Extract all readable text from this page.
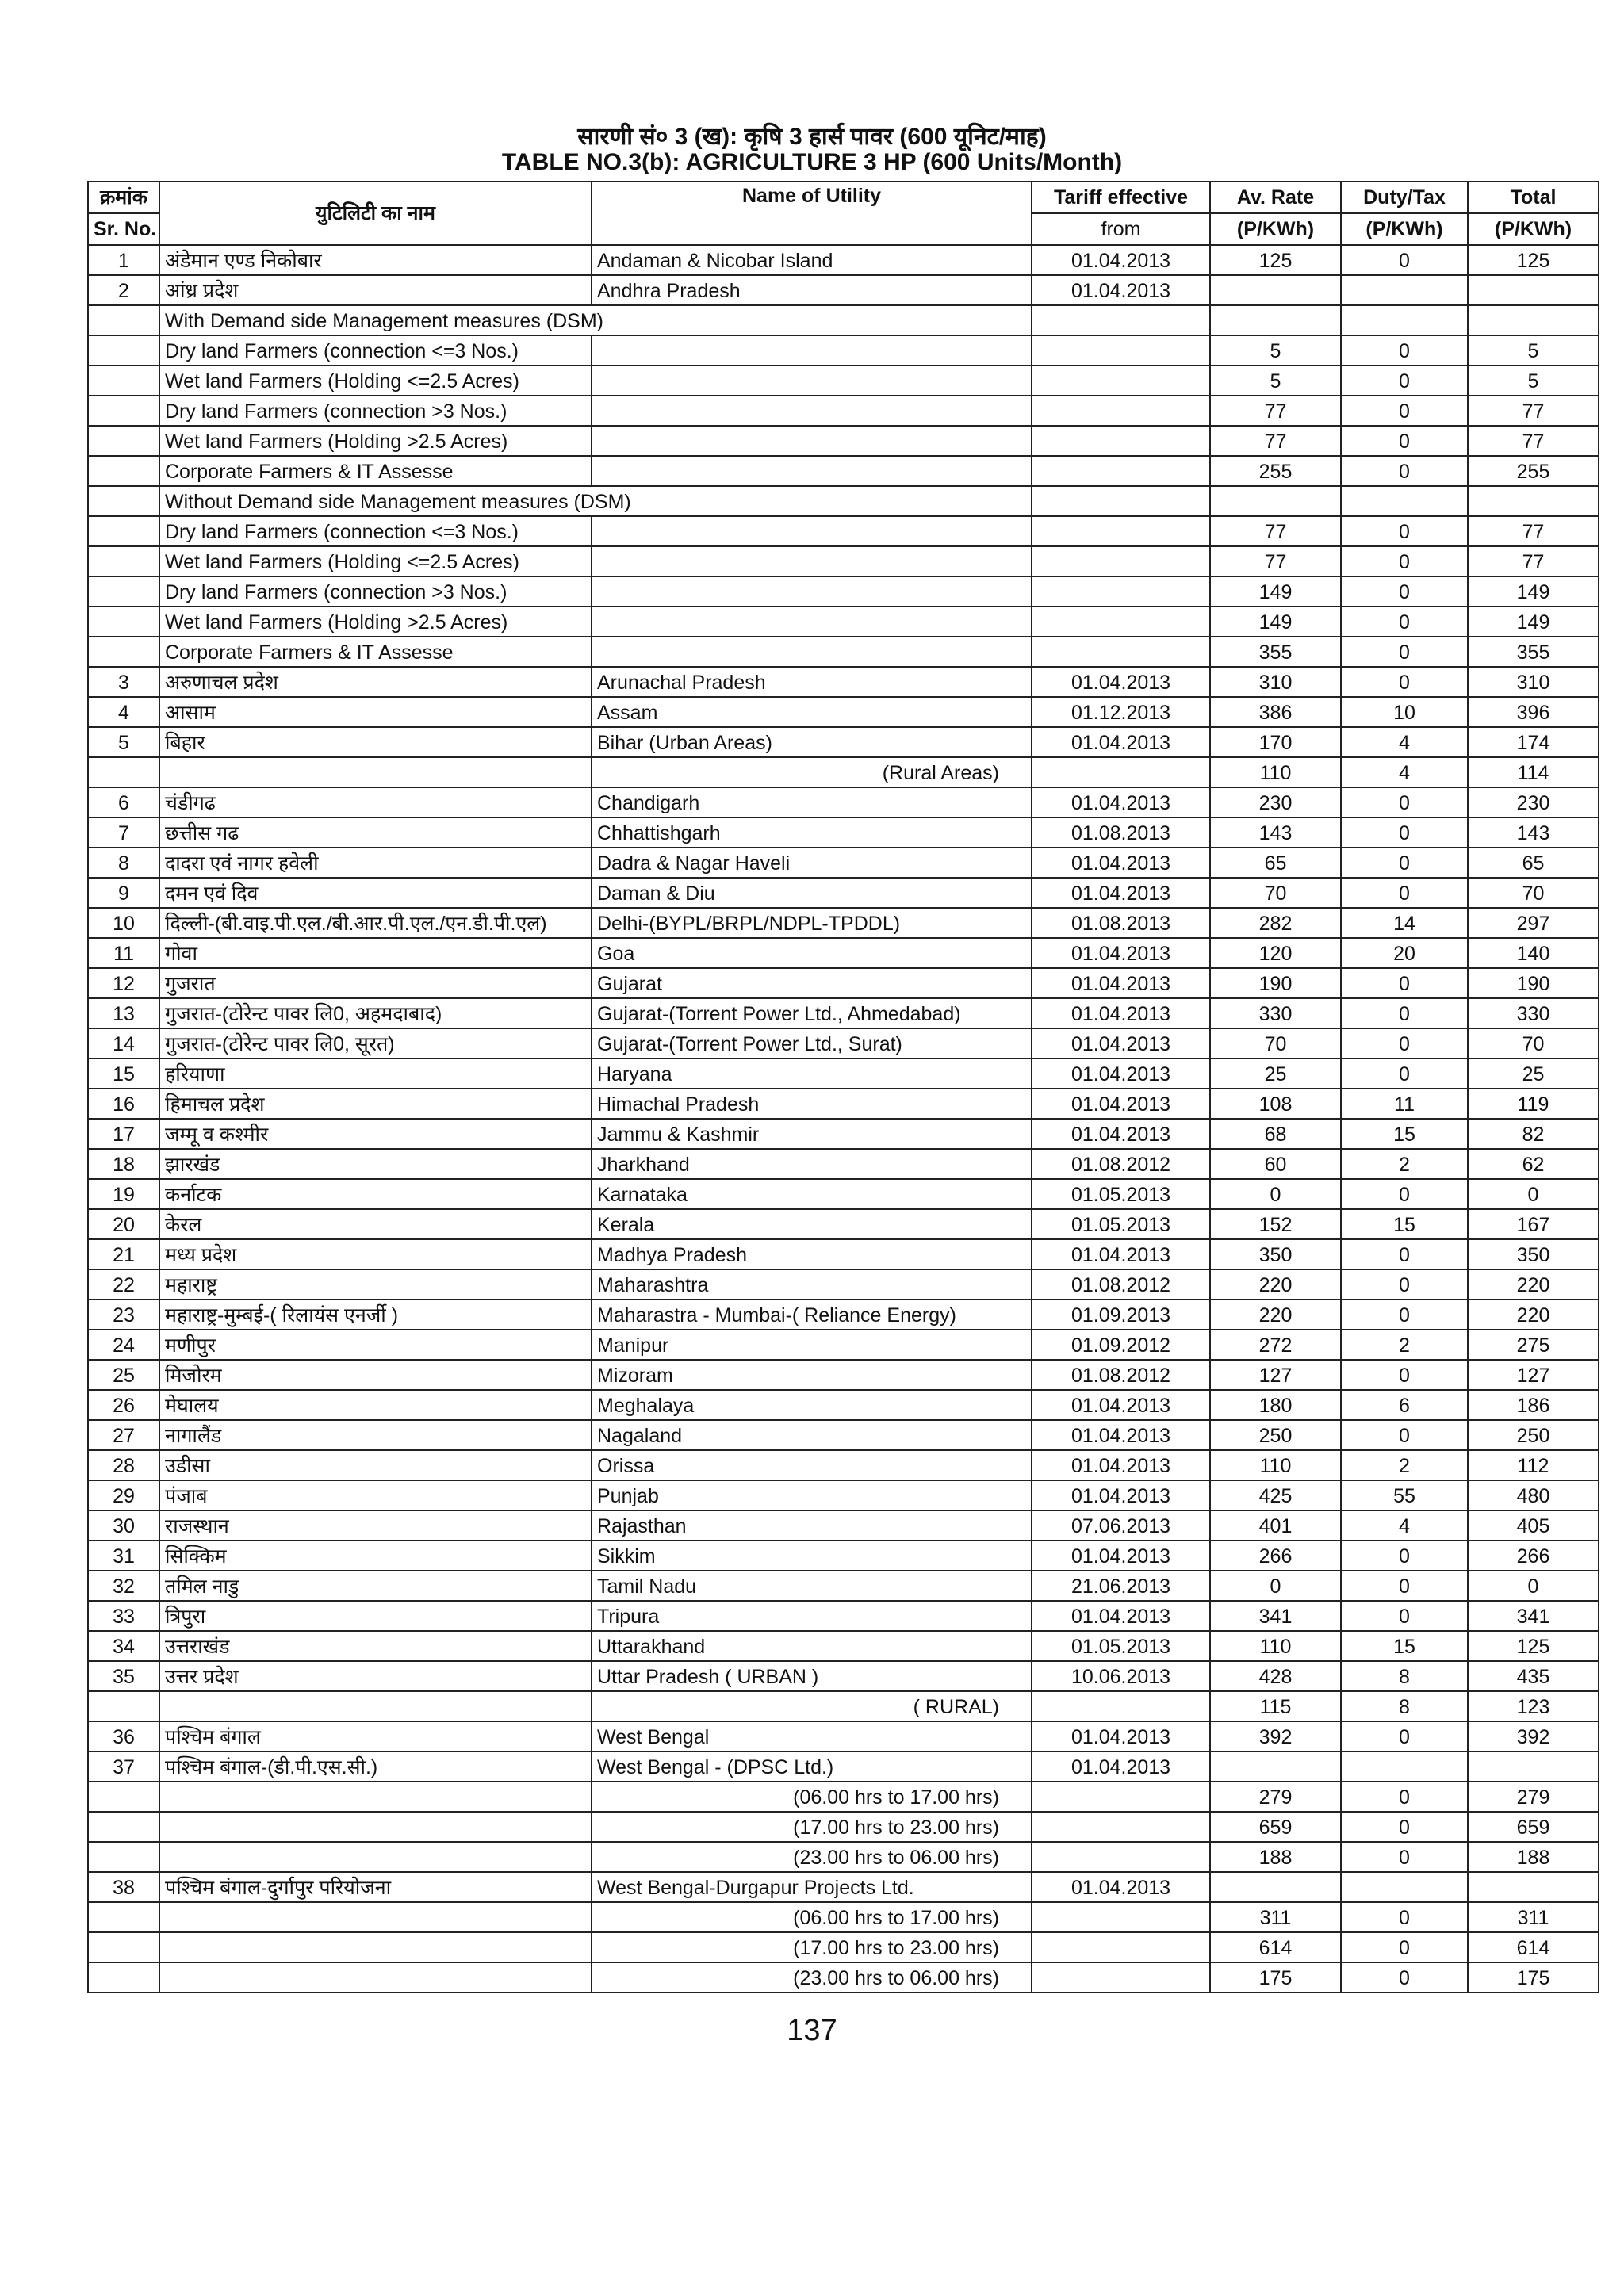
सारणी सं० 3 (ख): कृषि 3 हार्स पावर (600 यूनिट/माह)
TABLE NO.3(b): AGRICULTURE 3 HP (600 Units/Month)
क्रमांक	युटिलिटी का नाम	Name of Utility	Tariff effective	Av. Rate	Duty/Tax	Total
Sr. No.			from	(P/KWh)	(P/KWh)	(P/KWh)
1	अंडेमान एण्ड निकोबार	Andaman & Nicobar Island	01.04.2013	125	0	125
2	आंध्र प्रदेश	Andhra Pradesh	01.04.2013			
	With Demand side Management measures (DSM)					
	Dry land Farmers (connection <=3 Nos.)			5	0	5
	Wet land Farmers (Holding <=2.5 Acres)			5	0	5
	Dry land Farmers (connection >3 Nos.)			77	0	77
	Wet land Farmers (Holding >2.5 Acres)			77	0	77
	Corporate Farmers & IT Assesse			255	0	255
	Without Demand side Management measures (DSM)					
	Dry land Farmers (connection <=3 Nos.)			77	0	77
	Wet land Farmers (Holding <=2.5 Acres)			77	0	77
	Dry land Farmers (connection >3 Nos.)			149	0	149
	Wet land Farmers (Holding >2.5 Acres)			149	0	149
	Corporate Farmers & IT Assesse			355	0	355
3	अरुणाचल प्रदेश	Arunachal Pradesh	01.04.2013	310	0	310
4	आसाम	Assam	01.12.2013	386	10	396
5	बिहार	Bihar (Urban Areas)	01.04.2013	170	4	174
		(Rural Areas)		110	4	114
6	चंडीगढ	Chandigarh	01.04.2013	230	0	230
7	छत्तीस गढ	Chhattishgarh	01.08.2013	143	0	143
8	दादरा एवं नागर हवेली	Dadra & Nagar Haveli	01.04.2013	65	0	65
9	दमन एवं दिव	Daman & Diu	01.04.2013	70	0	70
10	दिल्ली-(बी.वाइ.पी.एल./बी.आर.पी.एल./एन.डी.पी.एल)	Delhi-(BYPL/BRPL/NDPL-TPDDL)	01.08.2013	282	14	297
11	गोवा	Goa	01.04.2013	120	20	140
12	गुजरात	Gujarat	01.04.2013	190	0	190
13	गुजरात-(टोरेन्ट पावर लि0, अहमदाबाद)	Gujarat-(Torrent Power Ltd., Ahmedabad)	01.04.2013	330	0	330
14	गुजरात-(टोरेन्ट पावर लि0, सूरत)	Gujarat-(Torrent Power Ltd., Surat)	01.04.2013	70	0	70
15	हरियाणा	Haryana	01.04.2013	25	0	25
16	हिमाचल प्रदेश	Himachal Pradesh	01.04.2013	108	11	119
17	जम्मू व कश्मीर	Jammu & Kashmir	01.04.2013	68	15	82
18	झारखंड	Jharkhand	01.08.2012	60	2	62
19	कर्नाटक	Karnataka	01.05.2013	0	0	0
20	केरल	Kerala	01.05.2013	152	15	167
21	मध्य प्रदेश	Madhya Pradesh	01.04.2013	350	0	350
22	महाराष्ट्र	Maharashtra	01.08.2012	220	0	220
23	महाराष्ट्र-मुम्बई-( रिलायंस एनर्जी )	Maharastra - Mumbai-( Reliance Energy)	01.09.2013	220	0	220
24	मणीपुर	Manipur	01.09.2012	272	2	275
25	मिजोरम	Mizoram	01.08.2012	127	0	127
26	मेघालय	Meghalaya	01.04.2013	180	6	186
27	नागालैंड	Nagaland	01.04.2013	250	0	250
28	उडीसा	Orissa	01.04.2013	110	2	112
29	पंजाब	Punjab	01.04.2013	425	55	480
30	राजस्थान	Rajasthan	07.06.2013	401	4	405
31	सिक्किम	Sikkim	01.04.2013	266	0	266
32	तमिल नाडु	Tamil Nadu	21.06.2013	0	0	0
33	त्रिपुरा	Tripura	01.04.2013	341	0	341
34	उत्तराखंड	Uttarakhand	01.05.2013	110	15	125
35	उत्तर प्रदेश	Uttar Pradesh ( URBAN )	10.06.2013	428	8	435
		( RURAL)		115	8	123
36	पश्चिम बंगाल	West Bengal	01.04.2013	392	0	392
37	पश्चिम बंगाल-(डी.पी.एस.सी.)	West Bengal - (DPSC Ltd.)	01.04.2013			
		(06.00 hrs to 17.00 hrs)		279	0	279
		(17.00 hrs to 23.00 hrs)		659	0	659
		(23.00 hrs to 06.00 hrs)		188	0	188
38	पश्चिम बंगाल-दुर्गापुर परियोजना	West Bengal-Durgapur Projects Ltd.	01.04.2013			
		(06.00 hrs to 17.00 hrs)		311	0	311
		(17.00 hrs to 23.00 hrs)		614	0	614
		(23.00 hrs to 06.00 hrs)		175	0	175
137
